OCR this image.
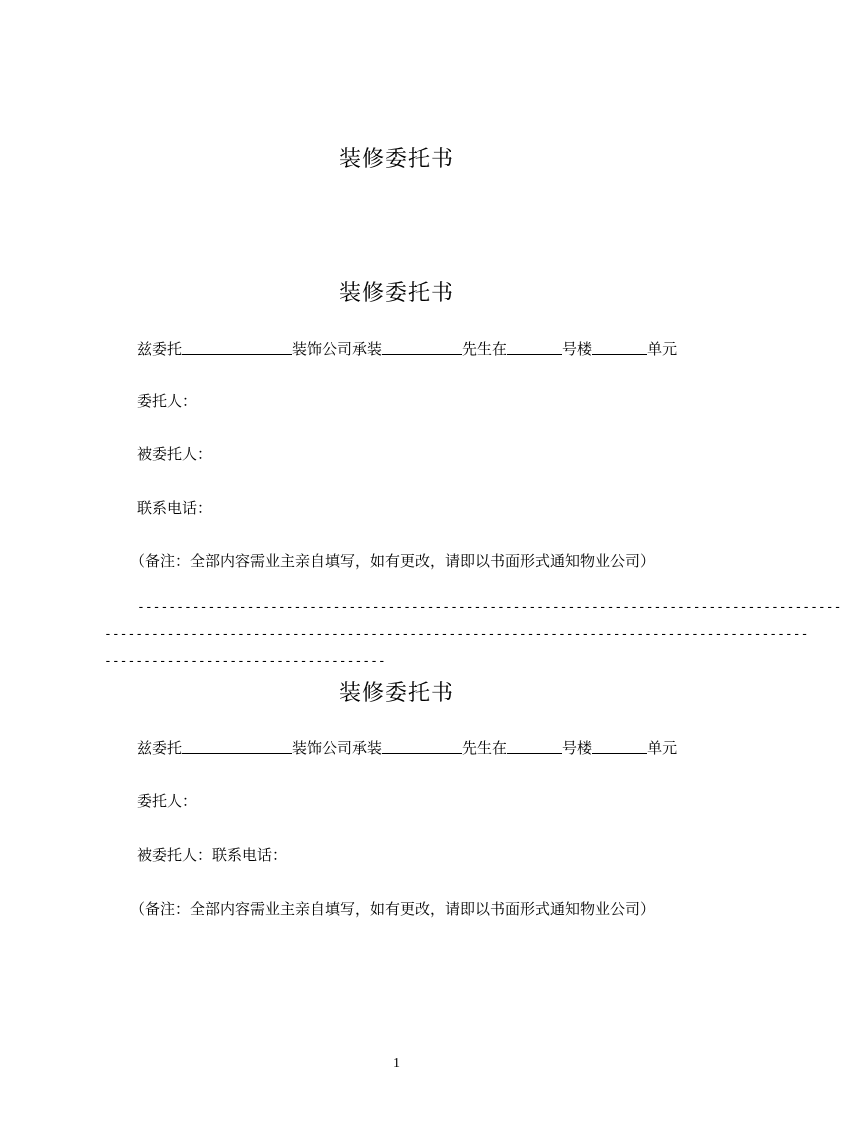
装修委托书
装修委托书
兹委托	装饰公司承装	先生在	号楼	单元
委托人：
被委托人：
联系电话：
（备注：全部内容需业主亲自填写，如有更改，请即以书面形式通知物业公司）
------------------------------------------------------------------------------------------
------------------------------------------------------------------------------------------
------------------------------------
装修委托书
兹委托	装饰公司承装	先生在	号楼	单元
委托人：
被委托人：联系电话：
（备注：全部内容需业主亲自填写，如有更改，请即以书面形式通知物业公司）
1
